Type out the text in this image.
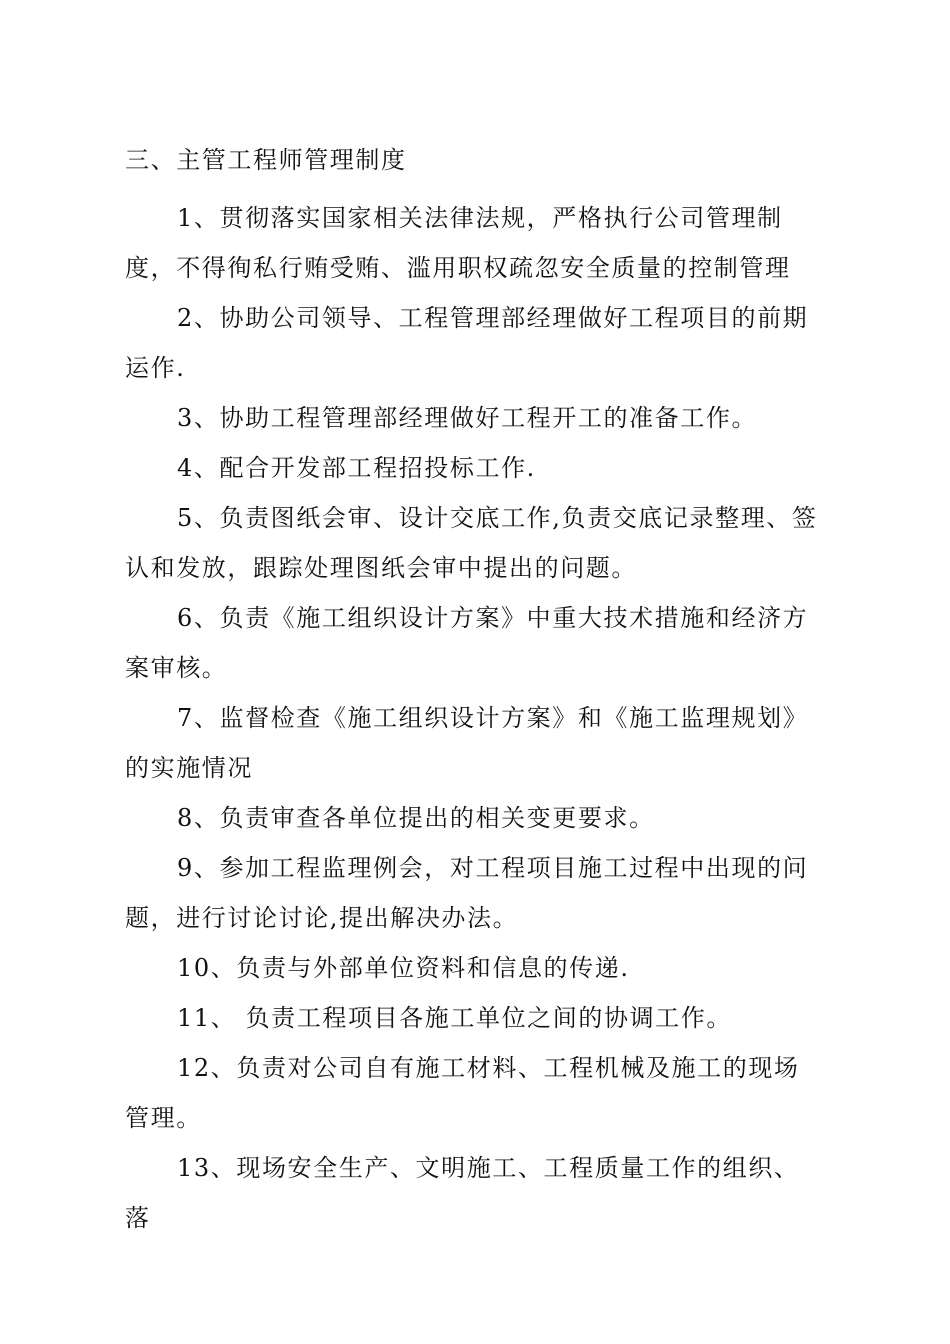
三、主管工程师管理制度

1、贯彻落实国家相关法律法规，严格执行公司管理制度，不得徇私行贿受贿、滥用职权疏忽安全质量的控制管理

2、协助公司领导、工程管理部经理做好工程项目的前期运作.

3、协助工程管理部经理做好工程开工的准备工作。

4、配合开发部工程招投标工作.

5、负责图纸会审、设计交底工作,负责交底记录整理、签认和发放，跟踪处理图纸会审中提出的问题。

6、负责《施工组织设计方案》中重大技术措施和经济方案审核。

7、监督检查《施工组织设计方案》和《施工监理规划》的实施情况

8、负责审查各单位提出的相关变更要求。

9、参加工程监理例会，对工程项目施工过程中出现的问题，进行讨论讨论,提出解决办法。

10、负责与外部单位资料和信息的传递.

11、 负责工程项目各施工单位之间的协调工作。

12、负责对公司自有施工材料、工程机械及施工的现场管理。

13、现场安全生产、文明施工、工程质量工作的组织、落
